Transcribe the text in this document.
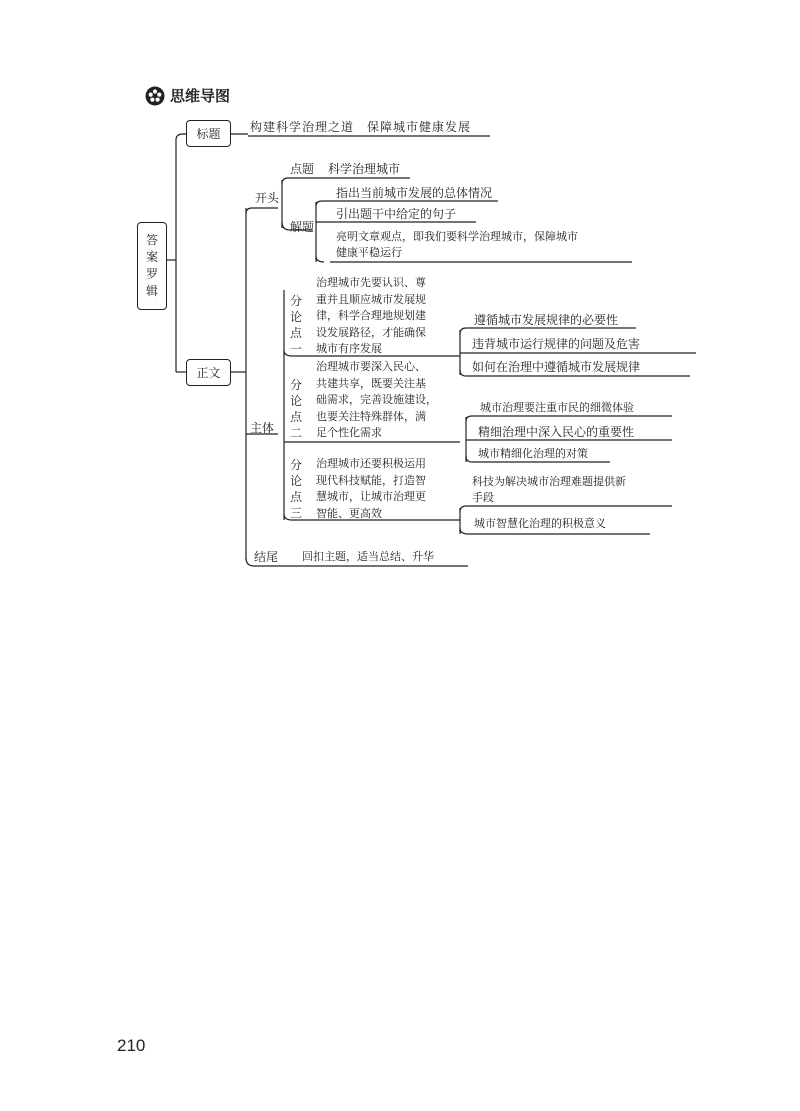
思维导图
答
案
罗
辑
标题 构建科学治理之道　保障城市健康发展
正文
开头
点题 科学治理城市
解题
指出当前城市发展的总体情况
引出题干中给定的句子
亮明文章观点，即我们要科学治理城市，保障城市
健康平稳运行
主体
分
论
点
一
治理城市先要认识、尊
重并且顺应城市发展规
律，科学合理地规划建
设发展路径，才能确保
城市有序发展
遵循城市发展规律的必要性
违背城市运行规律的问题及危害
如何在治理中遵循城市发展规律
分
论
点
二
治理城市要深入民心、
共建共享，既要关注基
础需求，完善设施建设，
也要关注特殊群体，满
足个性化需求
城市治理要注重市民的细微体验
精细治理中深入民心的重要性
城市精细化治理的对策
分
论
点
三
治理城市还要积极运用
现代科技赋能，打造智
慧城市，让城市治理更
智能、更高效
科技为解决城市治理难题提供新
手段
城市智慧化治理的积极意义
结尾 回扣主题，适当总结、升华
210
